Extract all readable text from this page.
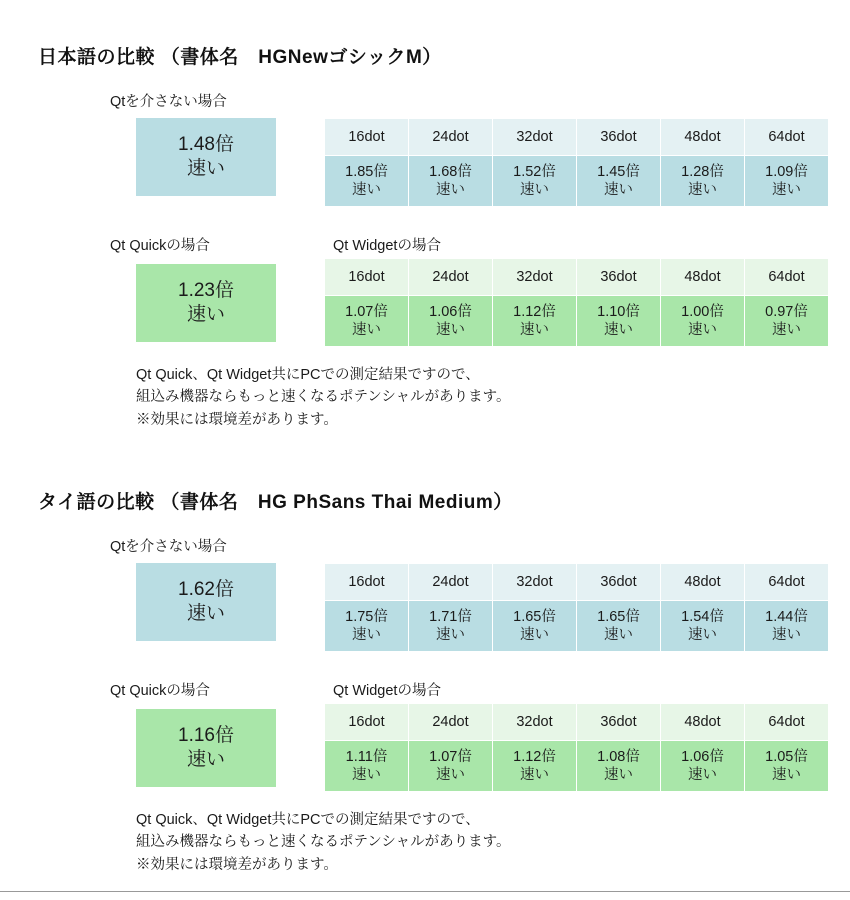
日本語の比較 （書体名　HGNewゴシックM）
Qtを介さない場合
1.48倍
速い
16dot	24dot	32dot	36dot	48dot	64dot
1.85倍
速い	1.68倍
速い	1.52倍
速い	1.45倍
速い	1.28倍
速い	1.09倍
速い
Qt Quickの場合	Qt Widgetの場合
1.23倍
速い
16dot	24dot	32dot	36dot	48dot	64dot
1.07倍
速い	1.06倍
速い	1.12倍
速い	1.10倍
速い	1.00倍
速い	0.97倍
速い
Qt Quick、Qt Widget共にPCでの測定結果ですので、
組込み機器ならもっと速くなるポテンシャルがあります。
※効果には環境差があります。
タイ語の比較 （書体名　HG PhSans Thai Medium）
Qtを介さない場合
1.62倍
速い
16dot	24dot	32dot	36dot	48dot	64dot
1.75倍
速い	1.71倍
速い	1.65倍
速い	1.65倍
速い	1.54倍
速い	1.44倍
速い
Qt Quickの場合	Qt Widgetの場合
1.16倍
速い
16dot	24dot	32dot	36dot	48dot	64dot
1.11倍
速い	1.07倍
速い	1.12倍
速い	1.08倍
速い	1.06倍
速い	1.05倍
速い
Qt Quick、Qt Widget共にPCでの測定結果ですので、
組込み機器ならもっと速くなるポテンシャルがあります。
※効果には環境差があります。
